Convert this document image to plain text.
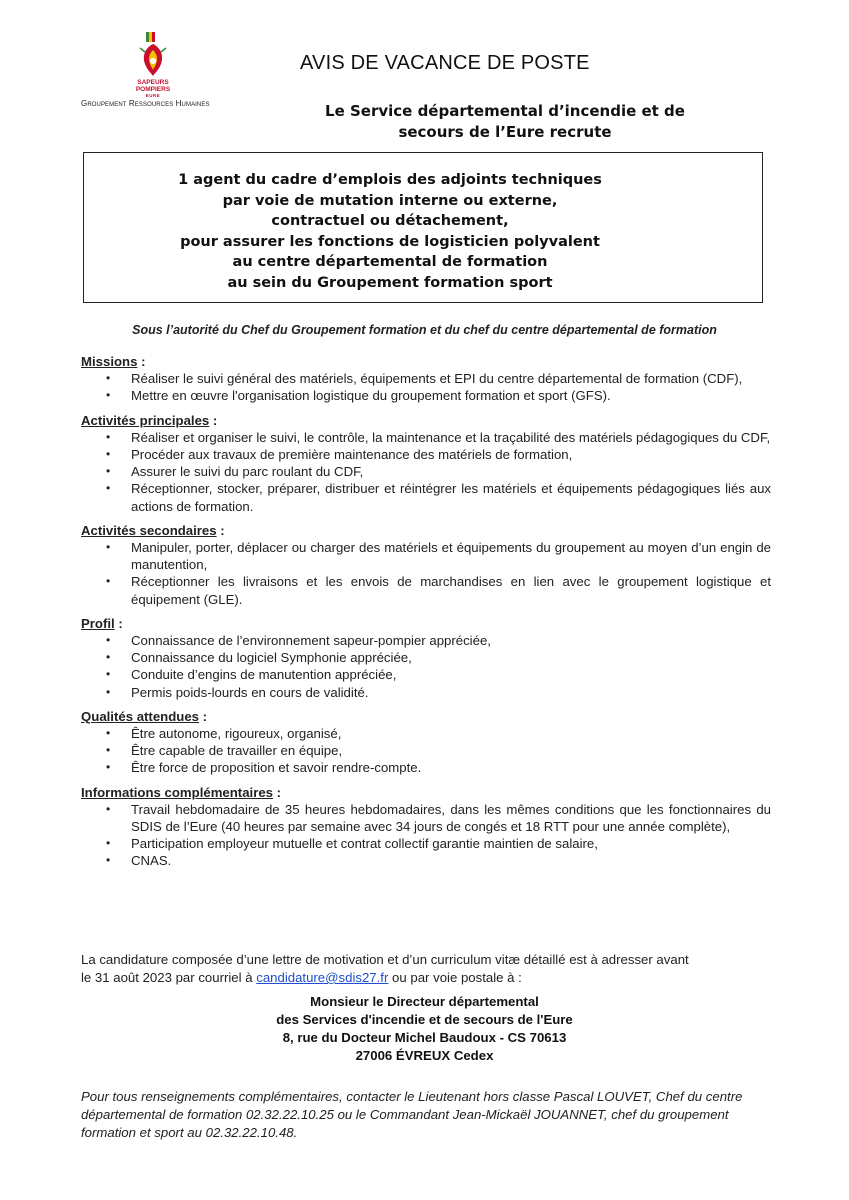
SAPEURS
POMPIERS
EURE
Groupement Ressources Humaines
AVIS DE VACANCE DE POSTE
Le Service départemental d’incendie et de
secours de l’Eure recrute
1 agent du cadre d’emplois des adjoints techniques
par voie de mutation interne ou externe,
contractuel ou détachement,
pour assurer les fonctions de logisticien polyvalent
au centre départemental de formation
au sein du Groupement formation sport
Sous l’autorité du Chef du Groupement formation et du chef du centre départemental de formation
Missions :
• Réaliser le suivi général des matériels, équipements et EPI du centre départemental de formation (CDF),
• Mettre en œuvre l'organisation logistique du groupement formation et sport (GFS).
Activités principales :
• Réaliser et organiser le suivi, le contrôle, la maintenance et la traçabilité des matériels pédagogiques du CDF,
• Procéder aux travaux de première maintenance des matériels de formation,
• Assurer le suivi du parc roulant du CDF,
• Réceptionner, stocker, préparer, distribuer et réintégrer les matériels et équipements pédagogiques liés aux actions de formation.
Activités secondaires :
• Manipuler, porter, déplacer ou charger des matériels et équipements du groupement au moyen d’un engin de manutention,
• Réceptionner les livraisons et les envois de marchandises en lien avec le groupement logistique et équipement (GLE).
Profil :
• Connaissance de l’environnement sapeur-pompier appréciée,
• Connaissance du logiciel Symphonie appréciée,
• Conduite d’engins de manutention appréciée,
• Permis poids-lourds en cours de validité.
Qualités attendues :
• Être autonome, rigoureux, organisé,
• Être capable de travailler en équipe,
• Être force de proposition et savoir rendre-compte.
Informations complémentaires :
• Travail hebdomadaire de 35 heures hebdomadaires, dans les mêmes conditions que les fonctionnaires du SDIS de l’Eure (40 heures par semaine avec 34 jours de congés et 18 RTT pour une année complète),
• Participation employeur mutuelle et contrat collectif garantie maintien de salaire,
• CNAS.
La candidature composée d’une lettre de motivation et d’un curriculum vitæ détaillé est à adresser avant
le 31 août 2023 par courriel à candidature@sdis27.fr ou par voie postale à :
Monsieur le Directeur départemental
des Services d'incendie et de secours de l'Eure
8, rue du Docteur Michel Baudoux - CS 70613
27006 ÉVREUX Cedex
Pour tous renseignements complémentaires, contacter le Lieutenant hors classe Pascal LOUVET, Chef du centre
départemental de formation 02.32.22.10.25 ou le Commandant Jean-Mickaël JOUANNET, chef du groupement
formation et sport au 02.32.22.10.48.
